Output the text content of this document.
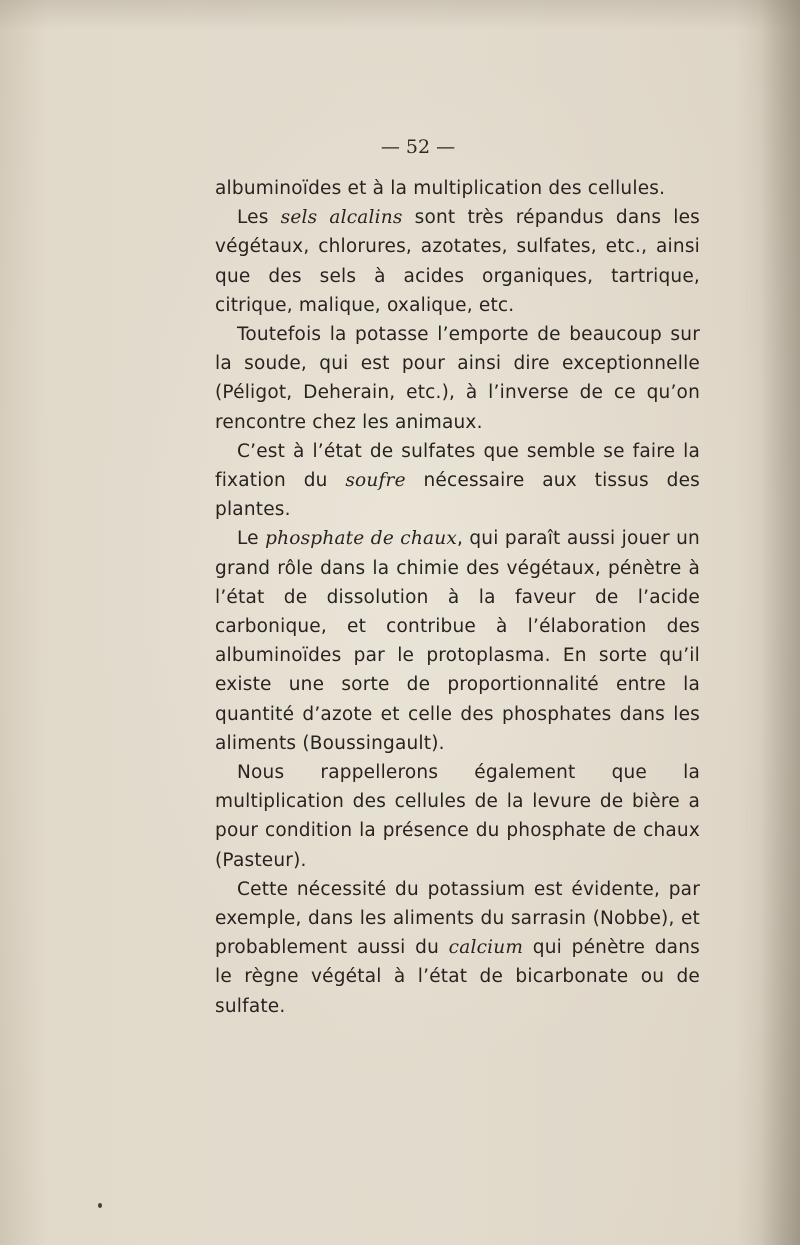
— 52 —

albuminoïdes et à la multiplication des cellules.

Les sels alcalins sont très répandus dans les végétaux, chlorures, azotates, sulfates, etc., ainsi que des sels à acides organiques, tartrique, citrique, malique, oxalique, etc.

Toutefois la potasse l’emporte de beaucoup sur la soude, qui est pour ainsi dire exceptionnelle (Péligot, Deherain, etc.), à l’inverse de ce qu’on rencontre chez les animaux.

C’est à l’état de sulfates que semble se faire la fixation du soufre nécessaire aux tissus des plantes.

Le phosphate de chaux, qui paraît aussi jouer un grand rôle dans la chimie des végétaux, pénètre à l’état de dissolution à la faveur de l’acide carbonique, et contribue à l’élaboration des albuminoïdes par le protoplasma. En sorte qu’il existe une sorte de proportionnalité entre la quantité d’azote et celle des phosphates dans les aliments (Boussingault).

Nous rappellerons également que la multiplication des cellules de la levure de bière a pour condition la présence du phosphate de chaux (Pasteur).

Cette nécessité du potassium est évidente, par exemple, dans les aliments du sarrasin (Nobbe), et probablement aussi du calcium qui pénètre dans le règne végétal à l’état de bicarbonate ou de sulfate.
